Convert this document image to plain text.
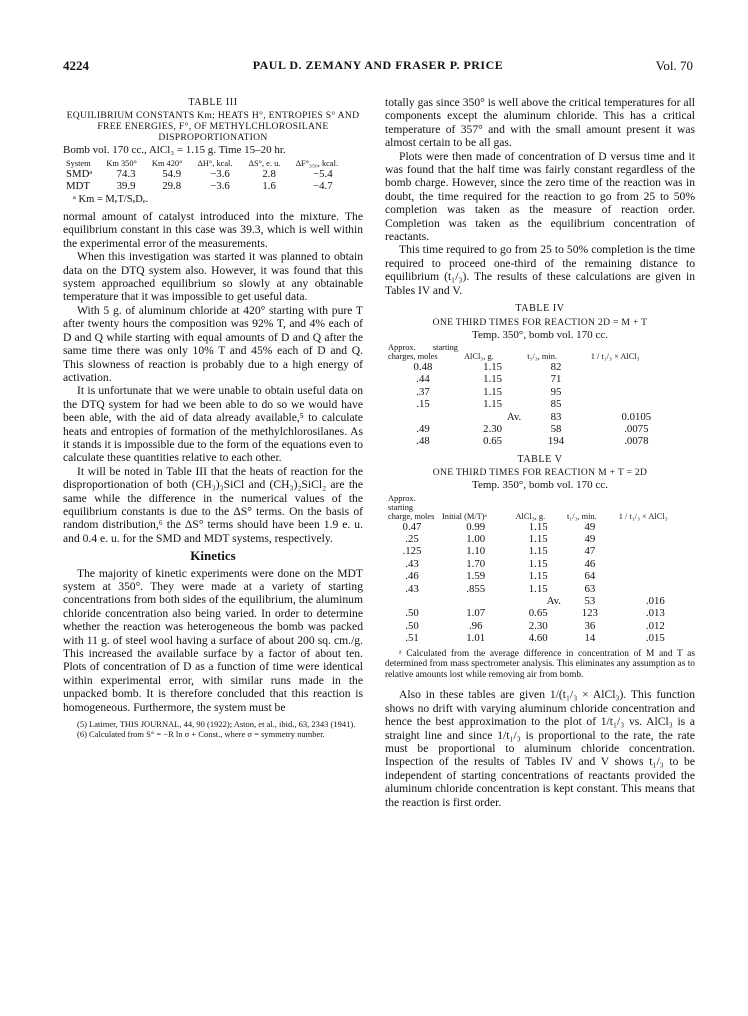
4224	PAUL D. ZEMANY AND FRASER P. PRICE	Vol. 70

TABLE III

EQUILIBRIUM CONSTANTS Km; HEATS H°, ENTROPIES S° AND FREE ENERGIES, F°, OF METHYLCHLOROSILANE DISPROPORTIONATION

Bomb vol. 170 cc., AlCl₃ = 1.15 g. Time 15–20 hr.

System	Km 350°	Km 420°	ΔH°, kcal.	ΔS°, e. u.	ΔF°₃₅₀, kcal.
SMDᵃ	74.3	54.9	−3.6	2.8	−5.4
MDT	39.9	29.8	−3.6	1.6	−4.7

ᵃ Km = MₑT/SₑDₑ.

normal amount of catalyst introduced into the mixture. The equilibrium constant in this case was 39.3, which is well within the experimental error of the measurements.

When this investigation was started it was planned to obtain data on the DTQ system also. However, it was found that this system approached equilibrium so slowly at any obtainable temperature that it was impossible to get useful data.

With 5 g. of aluminum chloride at 420° starting with pure T after twenty hours the composition was 92% T, and 4% each of D and Q while starting with equal amounts of D and Q after the same time there was only 10% T and 45% each of D and Q. This slowness of reaction is probably due to a high energy of activation.

It is unfortunate that we were unable to obtain useful data on the DTQ system for had we been able to do so we would have been able, with the aid of data already available,⁵ to calculate heats and entropies of formation of the methylchlorosilanes. As it stands it is impossible due to the form of the equations even to calculate these quantities relative to each other.

It will be noted in Table III that the heats of reaction for the disproportionation of both (CH₃)₃SiCl and (CH₃)₂SiCl₂ are the same while the difference in the numerical values of the equilibrium constants is due to the ΔS° terms. On the basis of random distribution,⁶ the ΔS° terms should have been 1.9 e. u. and 0.4 e. u. for the SMD and MDT systems, respectively.

Kinetics

The majority of kinetic experiments were done on the MDT system at 350°. They were made at a variety of starting concentrations from both sides of the equilibrium, the aluminum chloride concentration also being varied. In order to determine whether the reaction was heterogeneous the bomb was packed with 11 g. of steel wool having a surface of about 200 sq. cm./g. This increased the available surface by a factor of about ten. Plots of concentration of D as a function of time were identical within experimental error, with similar runs made in the unpacked bomb. It is therefore concluded that this reaction is homogeneous. Furthermore, the system must be

(5) Latimer, THIS JOURNAL, 44, 90 (1922); Aston, et al., ibid., 63, 2343 (1941).

(6) Calculated from S° = −R ln σ + Const., where σ = symmetry number.

totally gas since 350° is well above the critical temperatures for all components except the aluminum chloride. This has a critical temperature of 357° and with the small amount present it was almost certain to be all gas.

Plots were then made of concentration of D versus time and it was found that the half time was fairly constant regardless of the bomb charge. However, since the zero time of the reaction was in doubt, the time required for the reaction to go from 25 to 50% completion was taken as the measure of reaction order. Completion was taken as the equilibrium concentration of reactants.

This time required to go from 25 to 50% completion is the time required to proceed one-third of the remaining distance to equilibrium (t₁/₃). The results of these calculations are given in Tables IV and V.

TABLE IV

ONE THIRD TIMES FOR REACTION 2D = M + T

Temp. 350°, bomb vol. 170 cc.

Approx. starting charges, moles	AlCl₃, g.	t₁/₃, min.	1 / t₁/₃ × AlCl₃
0.48	1.15	82	
.44	1.15	71	
.37	1.15	95	
.15	1.15	85	
	Av.	83	0.0105
.49	2.30	58	.0075
.48	0.65	194	.0078

TABLE V

ONE THIRD TIMES FOR REACTION M + T = 2D

Temp. 350°, bomb vol. 170 cc.

Approx. starting charge, moles	Initial (M/T)ᵃ	AlCl₃, g.	t₁/₃, min.	1 / t₁/₃ × AlCl₃
0.47	0.99	1.15	49	
.25	1.00	1.15	49	
.125	1.10	1.15	47	
.43	1.70	1.15	46	
.46	1.59	1.15	64	
.43	.855	1.15	63	
		Av.	53	.016
.50	1.07	0.65	123	.013
.50	.96	2.30	36	.012
.51	1.01	4.60	14	.015

ᵃ Calculated from the average difference in concentration of M and T as determined from mass spectrometer analysis. This eliminates any assumption as to relative amounts lost while removing air from bomb.

Also in these tables are given 1/(t₁/₃ × AlCl₃). This function shows no drift with varying aluminum chloride concentration and hence the best approximation to the plot of 1/t₁/₃ vs. AlCl₃ is a straight line and since 1/t₁/₃ is proportional to the rate, the rate must be proportional to aluminum chloride concentration. Inspection of the results of Tables IV and V shows t₁/₃ to be independent of starting concentrations of reactants provided the aluminum chloride concentration is kept constant. This means that the reaction is first order.
